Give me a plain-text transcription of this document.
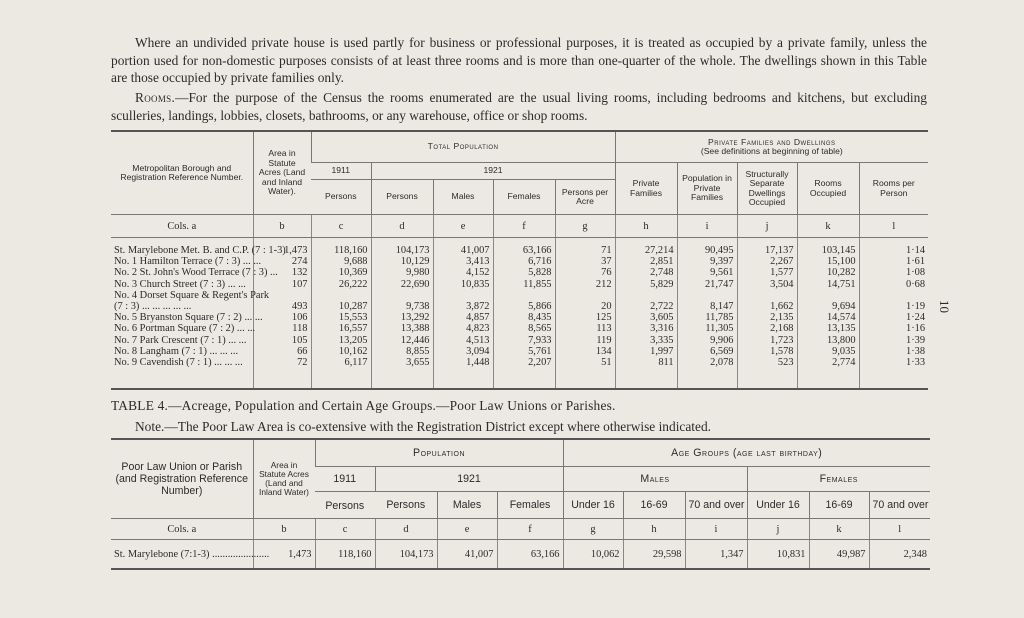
Where an undivided private house is used partly for business or professional purposes, it is treated as occupied by a private family, unless the portion used for non-domestic purposes consists of at least three rooms and is more than one-quarter of the whole. The dwellings shown in this Table are those occupied by private families only.

Rooms.—For the purpose of the Census the rooms enumerated are the usual living rooms, including bedrooms and kitchens, but excluding sculleries, landings, lobbies, closets, bathrooms, or any warehouse, office or shop rooms.

10
Metropolitan Borough and Registration Reference Number.	Area in Statute Acres (Land and Inland Water).	Total Population					Private Families and Dwellings
(See definitions at beginning of table)				

		1911	1921				Private Families	Population in Private Families	Structurally Separate Dwellings Occupied	Rooms Occupied	Rooms per Person
		Persons	Persons	Males	Females	Persons per Acre					
Cols. a	b	c	d	e	f	g	h	i	j	k	l
St. Marylebone Met. B. and C.P. (7 : 1-3)	1,473	118,160	104,173	41,007	63,166	71	27,214	90,495	17,137	103,145	1·14
No. 1 Hamilton Terrace (7 : 3) ... ...	274	9,688	10,129	3,413	6,716	37	2,851	9,397	2,267	15,100	1·61
No. 2 St. John's Wood Terrace (7 : 3) ...	132	10,369	9,980	4,152	5,828	76	2,748	9,561	1,577	10,282	1·08
No. 3 Church Street (7 : 3) ... ...	107	26,222	22,690	10,835	11,855	212	5,829	21,747	3,504	14,751	0·68
No. 4 Dorset Square & Regent's Park											
(7 : 3) ... ... ... ... ...	493	10,287	9,738	3,872	5,866	20	2,722	8,147	1,662	9,694	1·19
No. 5 Bryanston Square (7 : 2) ... ...	106	15,553	13,292	4,857	8,435	125	3,605	11,785	2,135	14,574	1·24
No. 6 Portman Square (7 : 2) ... ...	118	16,557	13,388	4,823	8,565	113	3,316	11,305	2,168	13,135	1·16
No. 7 Park Crescent (7 : 1) ... ...	105	13,205	12,446	4,513	7,933	119	3,335	9,906	1,723	13,800	1·39
No. 8 Langham (7 : 1) ... ... ...	66	10,162	8,855	3,094	5,761	134	1,997	6,569	1,578	9,035	1·38
No. 9 Cavendish (7 : 1) ... ... ...	72	6,117	3,655	1,448	2,207	51	811	2,078	523	2,774	1·33
TABLE 4.—Acreage, Population and Certain Age Groups.—Poor Law Unions or Parishes.
Note.—The Poor Law Area is co-extensive with the Registration District except where otherwise indicated.
Poor Law Union or Parish (and Registration Reference Number)	Area in Statute Acres (Land and Inland Water)	Population				Age Groups (age last birthday)					

		1911
Persons	1921			Males			Females		
			Persons	Males	Females	Under 16	16-69	70 and over	Under 16	16-69	70 and over
Cols. a	b	c	d	e	f	g	h	i	j	k	l
St. Marylebone (7:1-3) ......................	1,473	118,160	104,173	41,007	63,166	10,062	29,598	1,347	10,831	49,987	2,348
